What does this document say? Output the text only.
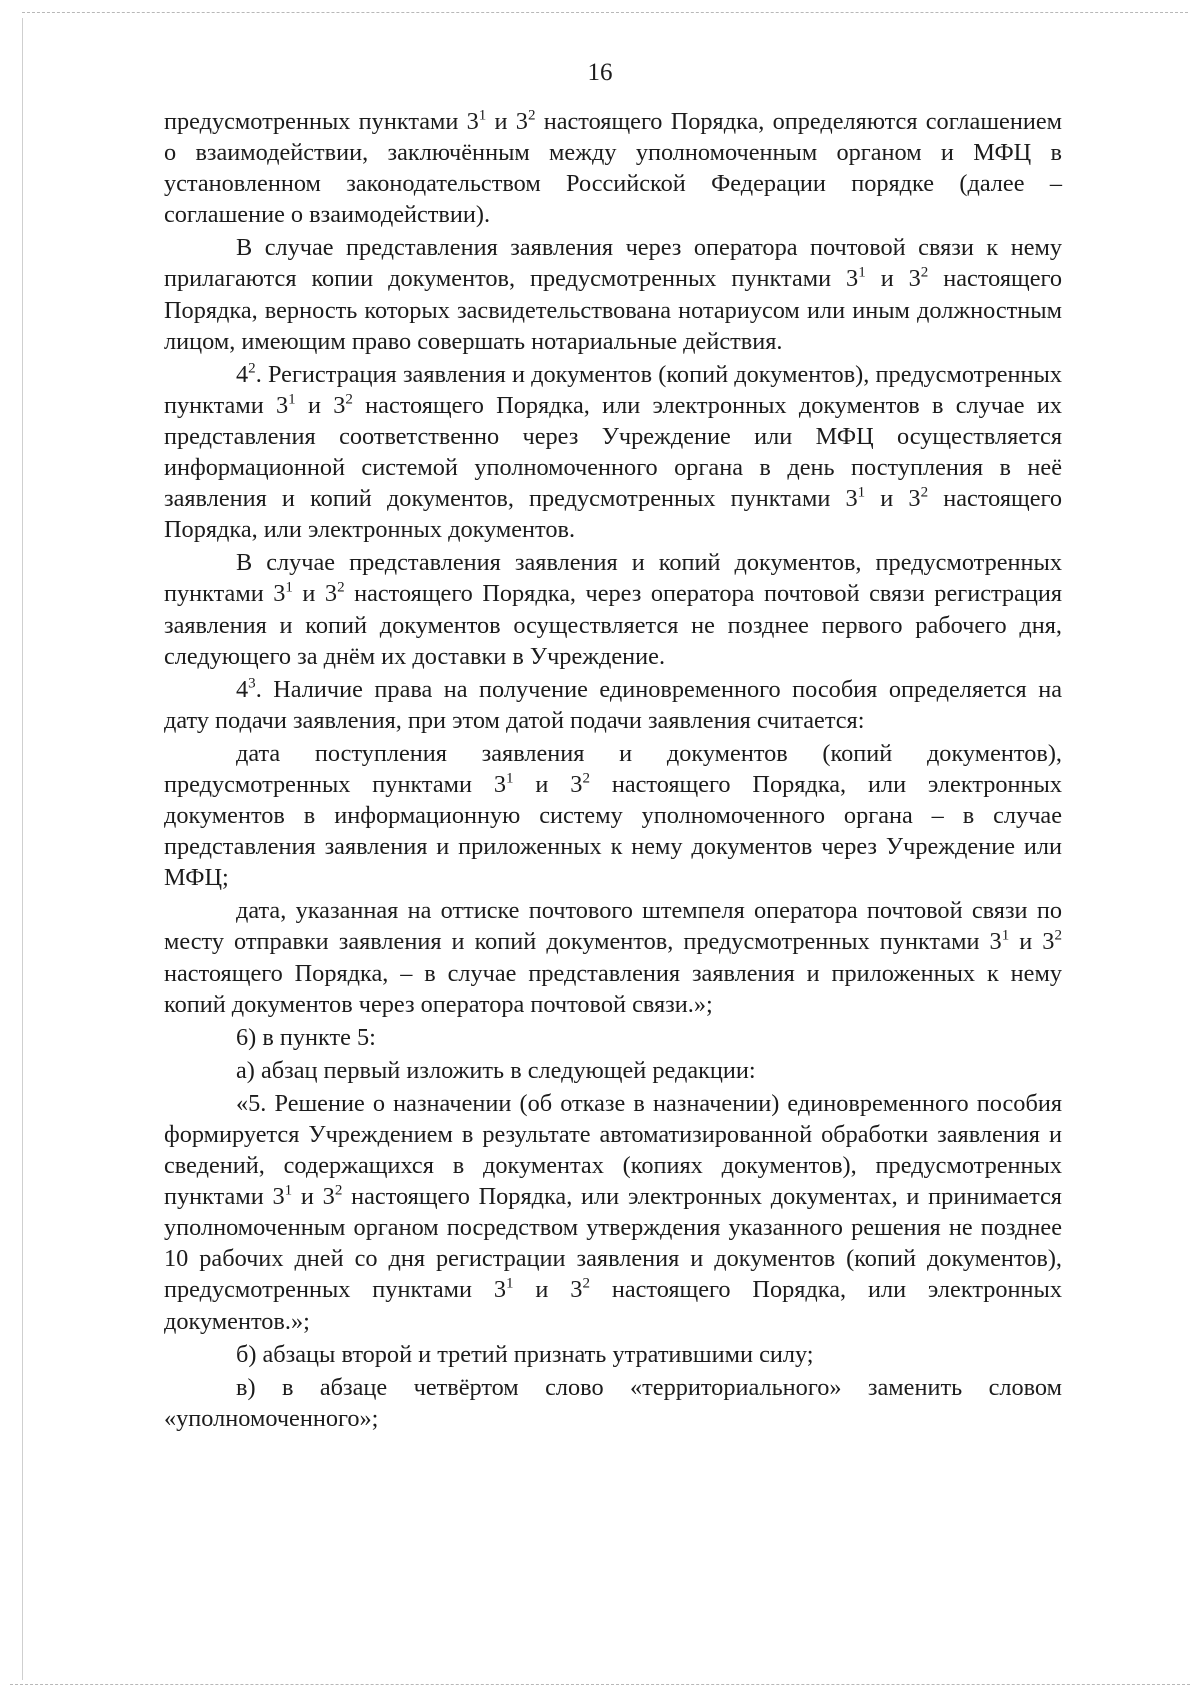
16

предусмотренных пунктами $3^1$ и $3^2$ настоящего Порядка, определяются соглашением о взаимодействии, заключённым между уполномоченным органом и МФЦ в установленном законодательством Российской Федерации порядке (далее – соглашение о взаимодействии).

В случае представления заявления через оператора почтовой связи к нему прилагаются копии документов, предусмотренных пунктами $3^1$ и $3^2$ настоящего Порядка, верность которых засвидетельствована нотариусом или иным должностным лицом, имеющим право совершать нотариальные действия.

$4^2$. Регистрация заявления и документов (копий документов), предусмотренных пунктами $3^1$ и $3^2$ настоящего Порядка, или электронных документов в случае их представления соответственно через Учреждение или МФЦ осуществляется информационной системой уполномоченного органа в день поступления в неё заявления и копий документов, предусмотренных пунктами $3^1$ и $3^2$ настоящего Порядка, или электронных документов.

В случае представления заявления и копий документов, предусмотренных пунктами $3^1$ и $3^2$ настоящего Порядка, через оператора почтовой связи регистрация заявления и копий документов осуществляется не позднее первого рабочего дня, следующего за днём их доставки в Учреждение.

$4^3$. Наличие права на получение единовременного пособия определяется на дату подачи заявления, при этом датой подачи заявления считается:

дата поступления заявления и документов (копий документов), предусмотренных пунктами $3^1$ и $3^2$ настоящего Порядка, или электронных документов в информационную систему уполномоченного органа – в случае представления заявления и приложенных к нему документов через Учреждение или МФЦ;

дата, указанная на оттиске почтового штемпеля оператора почтовой связи по месту отправки заявления и копий документов, предусмотренных пунктами $3^1$ и $3^2$ настоящего Порядка, – в случае представления заявления и приложенных к нему копий документов через оператора почтовой связи.»;

6) в пункте 5:

а) абзац первый изложить в следующей редакции:

«5. Решение о назначении (об отказе в назначении) единовременного пособия формируется Учреждением в результате автоматизированной обработки заявления и сведений, содержащихся в документах (копиях документов), предусмотренных пунктами $3^1$ и $3^2$ настоящего Порядка, или электронных документах, и принимается уполномоченным органом посредством утверждения указанного решения не позднее 10 рабочих дней со дня регистрации заявления и документов (копий документов), предусмотренных пунктами $3^1$ и $3^2$ настоящего Порядка, или электронных документов.»;

б) абзацы второй и третий признать утратившими силу;

в) в абзаце четвёртом слово «территориального» заменить словом «уполномоченного»;
